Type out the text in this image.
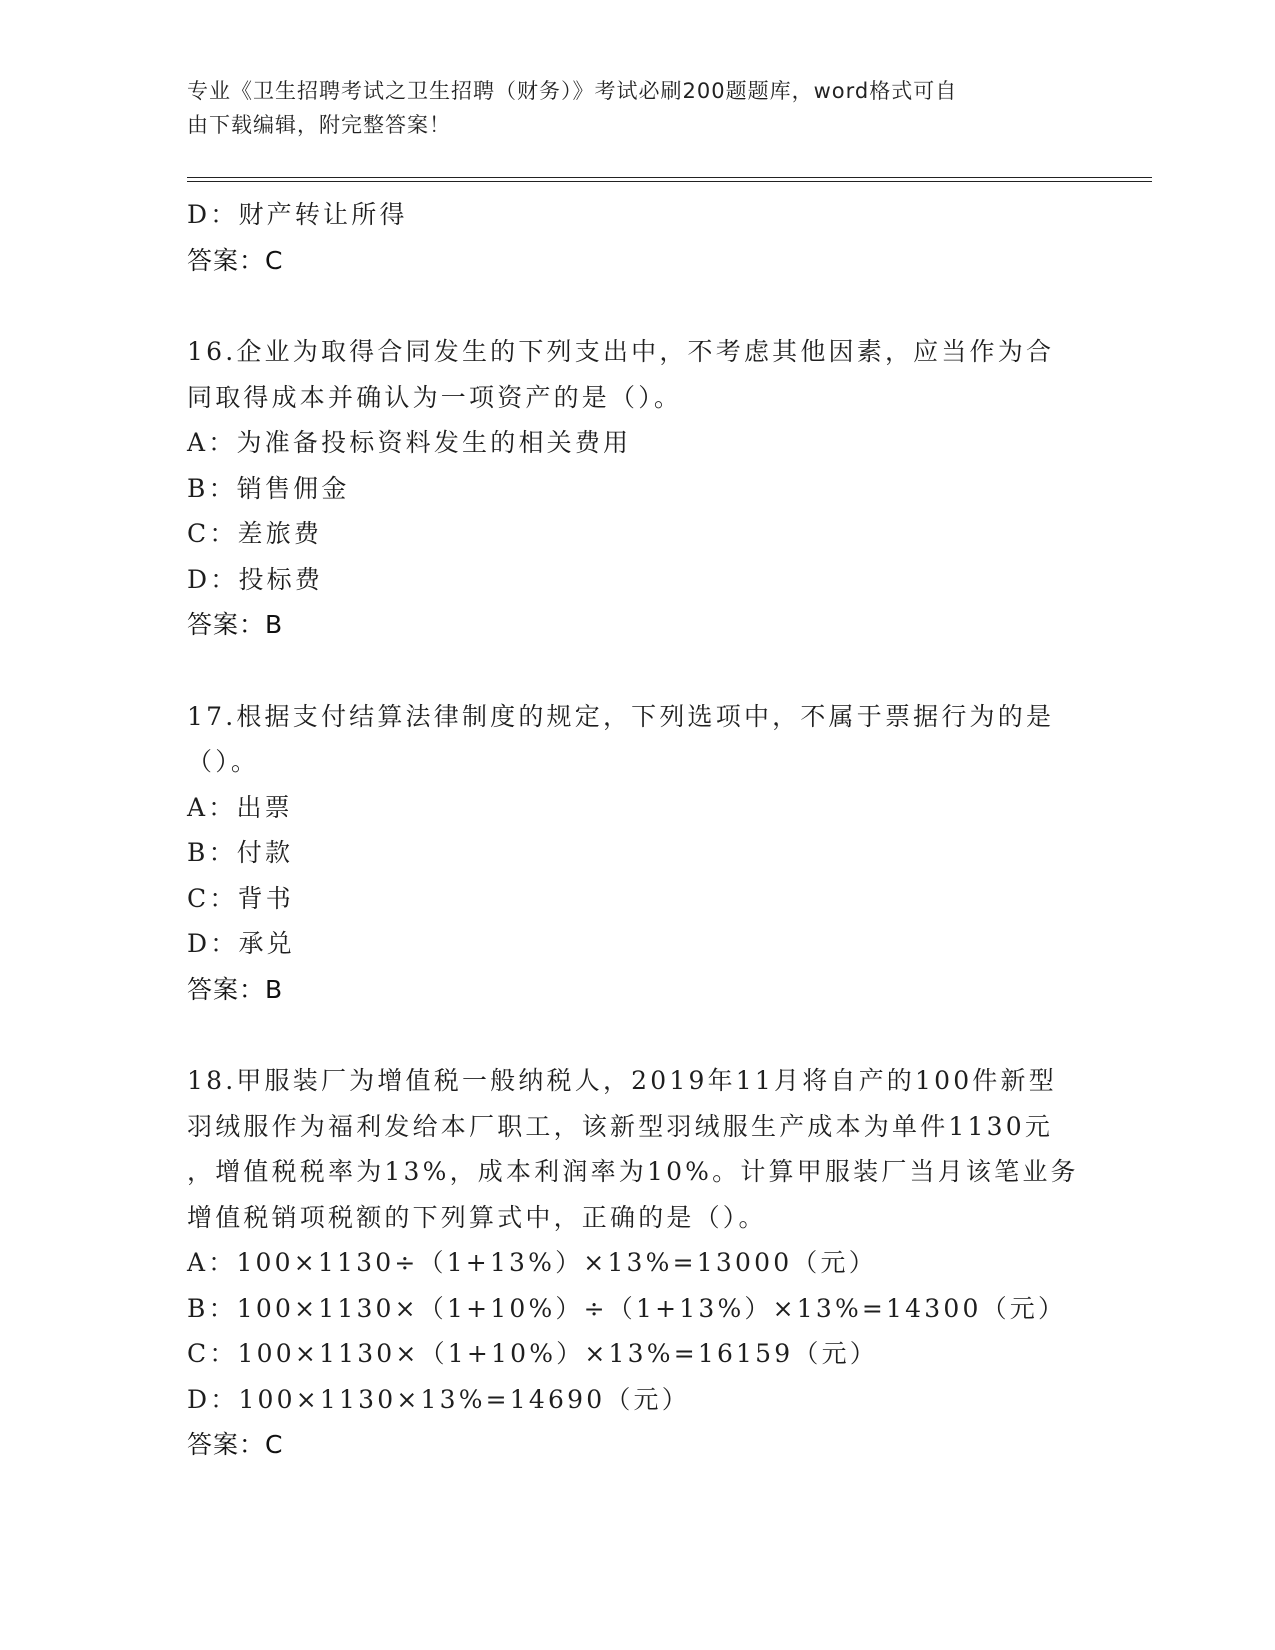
专业《卫生招聘考试之卫生招聘（财务）》考试必刷200题题库，word格式可自
由下载编辑，附完整答案！
D：财产转让所得
答案：C
16.企业为取得合同发生的下列支出中，不考虑其他因素，应当作为合
同取得成本并确认为一项资产的是（）。
A：为准备投标资料发生的相关费用
B：销售佣金
C：差旅费
D：投标费
答案：B
17.根据支付结算法律制度的规定，下列选项中，不属于票据行为的是
（）。
A：出票
B：付款
C：背书
D：承兑
答案：B
18.甲服装厂为增值税一般纳税人，2019年11月将自产的100件新型
羽绒服作为福利发给本厂职工，该新型羽绒服生产成本为单件1130元
，增值税税率为13%，成本利润率为10%。计算甲服装厂当月该笔业务
增值税销项税额的下列算式中，正确的是（）。
A：100×1130÷（1+13%）×13%=13000（元）
B：100×1130×（1+10%）÷（1+13%）×13%=14300（元）
C：100×1130×（1+10%）×13%=16159（元）
D：100×1130×13%=14690（元）
答案：C
